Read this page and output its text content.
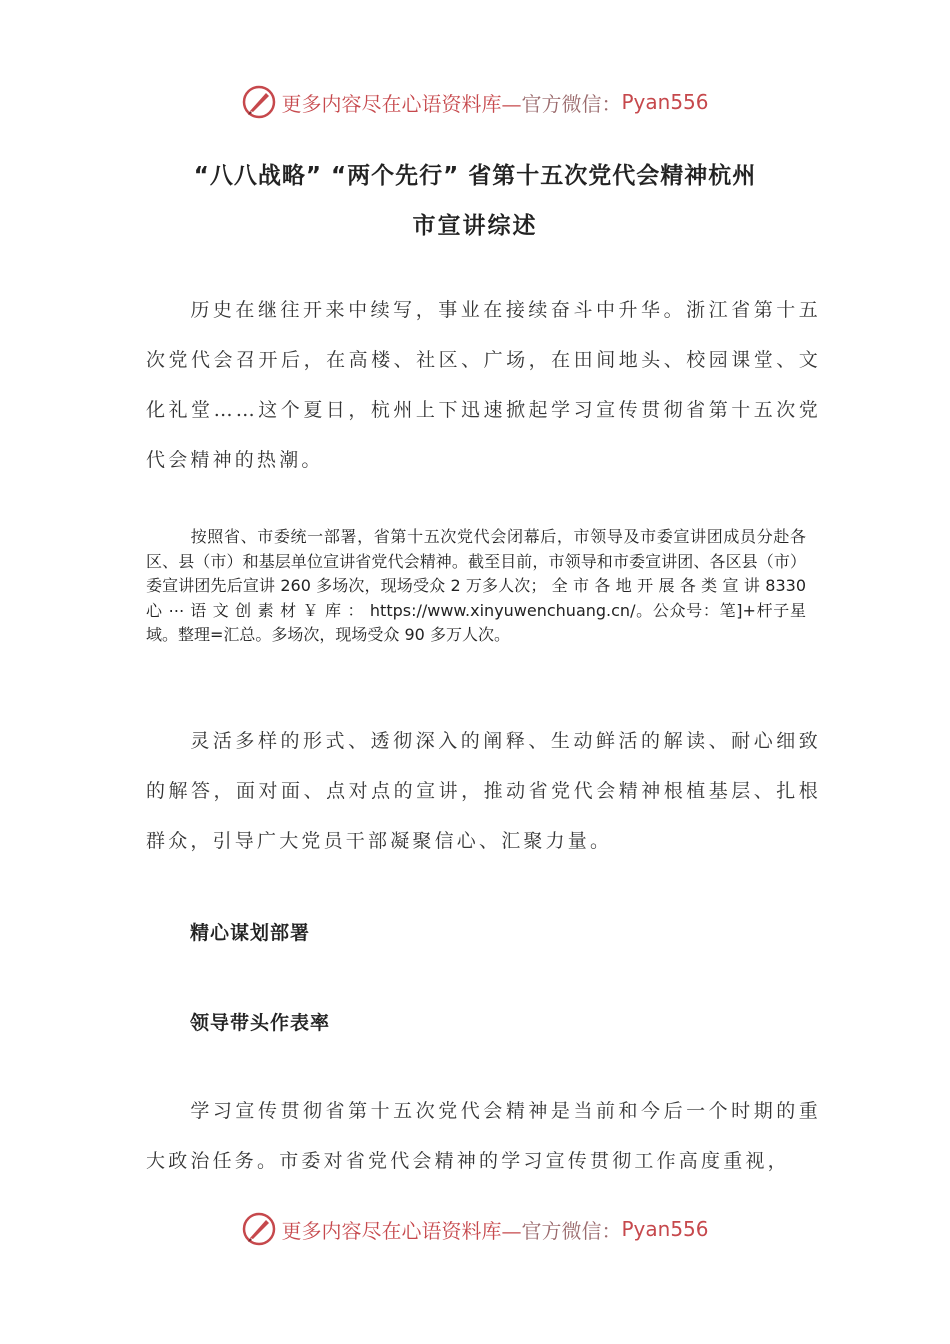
更多内容尽在心语资料库— 官方微信： Pyan556
“八八战略” “两个先行” 省第十五次党代会精神杭州
市宣讲综述

历史在继往开来中续写，事业在接续奋斗中升华。浙江省第十五次党代会召开后，在高楼、社区、广场，在田间地头、校园课堂、文化礼堂……这个夏日，杭州上下迅速掀起学习宣传贯彻省第十五次党代会精神的热潮。

按照省、市委统一部署，省第十五次党代会闭幕后，市领导及市委宣讲团成员分赴各区、县（市）和基层单位宣讲省党代会精神。截至目前，市领导和市委宣讲团、各区县（市）委宣讲团先后宣讲 260 多场次，现场受众 2 万多人次； 全 市 各 地 开 展 各 类 宣 讲 8330 心 ⋯ 语 文 创 素 材 ￥ 库 ： https://www.xinyuwenchuang.cn/。公众号：笔]+杆子星域。整理=汇总。多场次，现场受众 90 多万人次。

灵活多样的形式、透彻深入的阐释、生动鲜活的解读、耐心细致的解答，面对面、点对点的宣讲，推动省党代会精神根植基层、扎根群众，引导广大党员干部凝聚信心、汇聚力量。

精心谋划部署
领导带头作表率

学习宣传贯彻省第十五次党代会精神是当前和今后一个时期的重大政治任务。市委对省党代会精神的学习宣传贯彻工作高度重视，

更多内容尽在心语资料库— 官方微信： Pyan556
